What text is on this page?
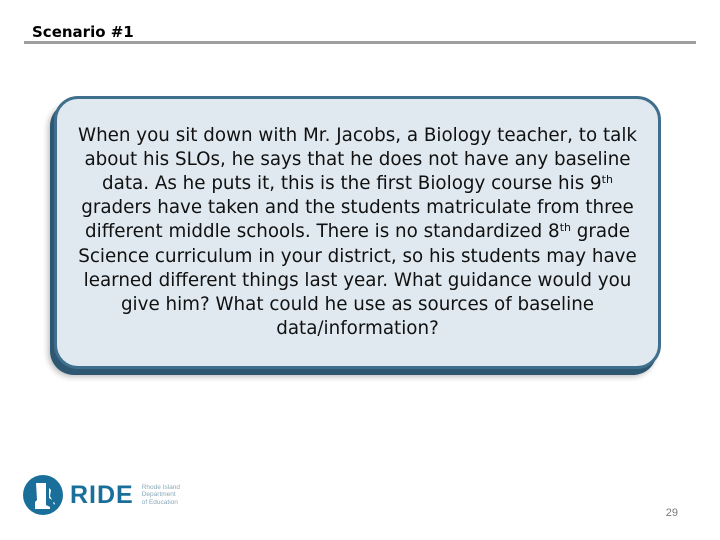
Scenario #1
When you sit down with Mr. Jacobs, a Biology teacher, to talk about his SLOs, he says that he does not have any baseline data. As he puts it, this is the first Biology course his 9th graders have taken and the students matriculate from three different middle schools. There is no standardized 8th grade Science curriculum in your district, so his students may have learned different things last year. What guidance would you give him? What could he use as sources of baseline data/information?
RIDE Rhode Island
Department
of Education
29
